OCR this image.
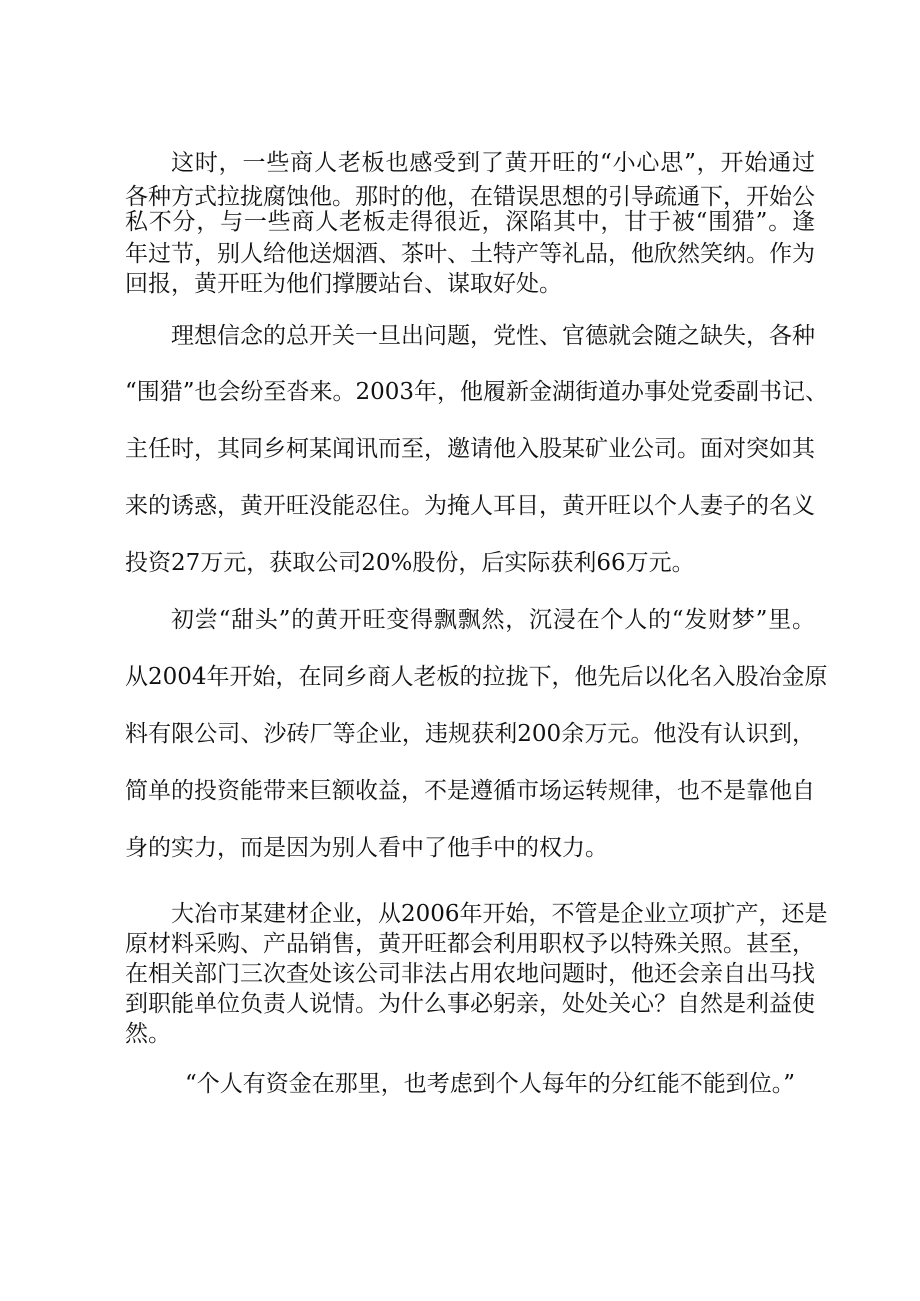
这时，一些商人老板也感受到了黄开旺的“小心思”，开始通过
各种方式拉拢腐蚀他。那时的他，在错误思想的引导疏通下，开始公
私不分，与一些商人老板走得很近，深陷其中，甘于被“围猎”。逢
年过节，别人给他送烟酒、茶叶、土特产等礼品，他欣然笑纳。作为
回报，黄开旺为他们撑腰站台、谋取好处。
理想信念的总开关一旦出问题，党性、官德就会随之缺失，各种
“围猎”也会纷至沓来。2003年，他履新金湖街道办事处党委副书记、
主任时，其同乡柯某闻讯而至，邀请他入股某矿业公司。面对突如其
来的诱惑，黄开旺没能忍住。为掩人耳目，黄开旺以个人妻子的名义
投资27万元，获取公司20%股份，后实际获利66万元。
初尝“甜头”的黄开旺变得飘飘然，沉浸在个人的“发财梦”里。
从2004年开始，在同乡商人老板的拉拢下，他先后以化名入股冶金原
料有限公司、沙砖厂等企业，违规获利200余万元。他没有认识到，
简单的投资能带来巨额收益，不是遵循市场运转规律，也不是靠他自
身的实力，而是因为别人看中了他手中的权力。
大冶市某建材企业，从2006年开始，不管是企业立项扩产，还是
原材料采购、产品销售，黄开旺都会利用职权予以特殊关照。甚至，
在相关部门三次查处该公司非法占用农地问题时，他还会亲自出马找
到职能单位负责人说情。为什么事必躬亲，处处关心？自然是利益使
然。
“个人有资金在那里，也考虑到个人每年的分红能不能到位。”
